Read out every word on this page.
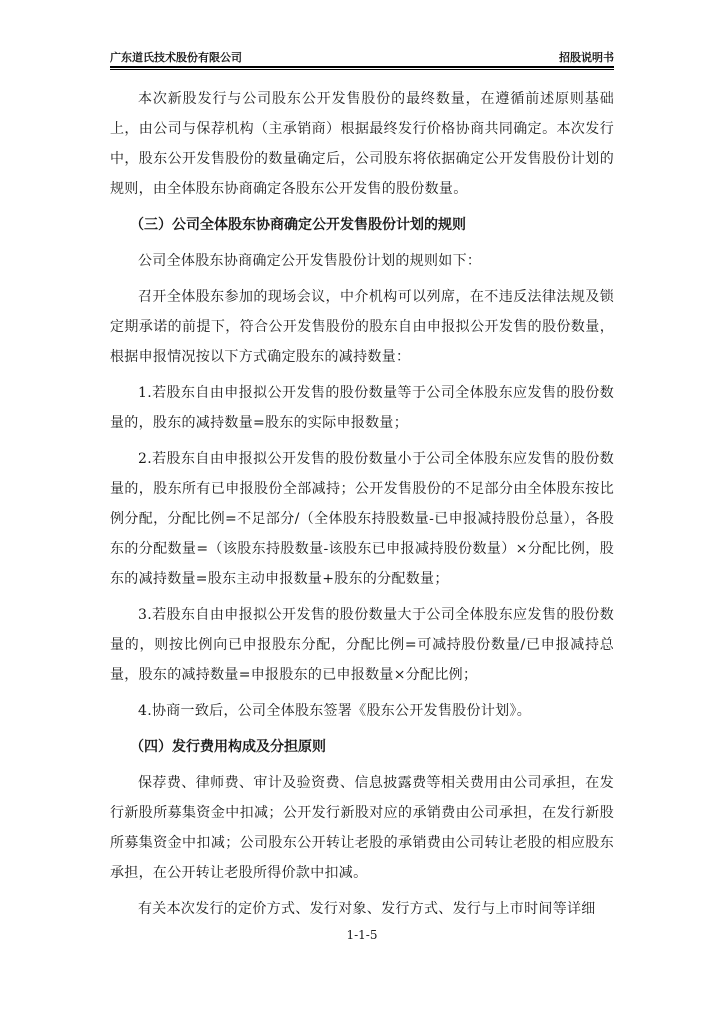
广东道氏技术股份有限公司	招股说明书

本次新股发行与公司股东公开发售股份的最终数量，在遵循前述原则基础上，由公司与保荐机构（主承销商）根据最终发行价格协商共同确定。本次发行中，股东公开发售股份的数量确定后，公司股东将依据确定公开发售股份计划的规则，由全体股东协商确定各股东公开发售的股份数量。

（三）公司全体股东协商确定公开发售股份计划的规则

公司全体股东协商确定公开发售股份计划的规则如下：

召开全体股东参加的现场会议，中介机构可以列席，在不违反法律法规及锁定期承诺的前提下，符合公开发售股份的股东自由申报拟公开发售的股份数量，根据申报情况按以下方式确定股东的减持数量：

1.若股东自由申报拟公开发售的股份数量等于公司全体股东应发售的股份数量的，股东的减持数量=股东的实际申报数量；

2.若股东自由申报拟公开发售的股份数量小于公司全体股东应发售的股份数量的，股东所有已申报股份全部减持；公开发售股份的不足部分由全体股东按比例分配，分配比例=不足部分/（全体股东持股数量-已申报减持股份总量），各股东的分配数量=（该股东持股数量-该股东已申报减持股份数量）×分配比例，股东的减持数量=股东主动申报数量+股东的分配数量；

3.若股东自由申报拟公开发售的股份数量大于公司全体股东应发售的股份数量的，则按比例向已申报股东分配，分配比例=可减持股份数量/已申报减持总量，股东的减持数量=申报股东的已申报数量×分配比例；

4.协商一致后，公司全体股东签署《股东公开发售股份计划》。

（四）发行费用构成及分担原则

保荐费、律师费、审计及验资费、信息披露费等相关费用由公司承担，在发行新股所募集资金中扣减；公开发行新股对应的承销费由公司承担，在发行新股所募集资金中扣减；公司股东公开转让老股的承销费由公司转让老股的相应股东承担，在公开转让老股所得价款中扣减。

有关本次发行的定价方式、发行对象、发行方式、发行与上市时间等详细

1-1-5
